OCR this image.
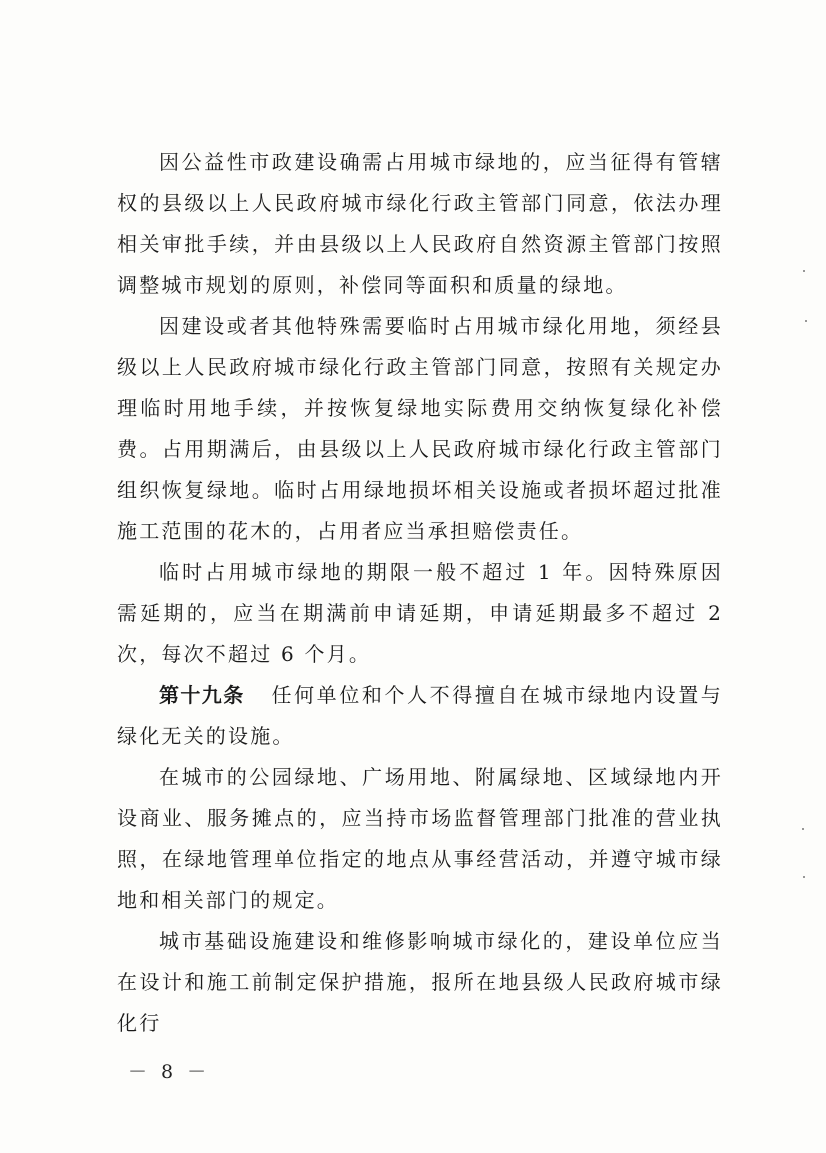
因公益性市政建设确需占用城市绿地的，应当征得有管辖权的县级以上人民政府城市绿化行政主管部门同意，依法办理相关审批手续，并由县级以上人民政府自然资源主管部门按照调整城市规划的原则，补偿同等面积和质量的绿地。

因建设或者其他特殊需要临时占用城市绿化用地，须经县级以上人民政府城市绿化行政主管部门同意，按照有关规定办理临时用地手续，并按恢复绿地实际费用交纳恢复绿化补偿费。占用期满后，由县级以上人民政府城市绿化行政主管部门组织恢复绿地。临时占用绿地损坏相关设施或者损坏超过批准施工范围的花木的，占用者应当承担赔偿责任。

临时占用城市绿地的期限一般不超过 1 年。因特殊原因需延期的，应当在期满前申请延期，申请延期最多不超过 2 次，每次不超过 6 个月。

第十九条 任何单位和个人不得擅自在城市绿地内设置与绿化无关的设施。

在城市的公园绿地、广场用地、附属绿地、区域绿地内开设商业、服务摊点的，应当持市场监督管理部门批准的营业执照，在绿地管理单位指定的地点从事经营活动，并遵守城市绿地和相关部门的规定。

城市基础设施建设和维修影响城市绿化的，建设单位应当在设计和施工前制定保护措施，报所在地县级人民政府城市绿化行

－ 8 －
